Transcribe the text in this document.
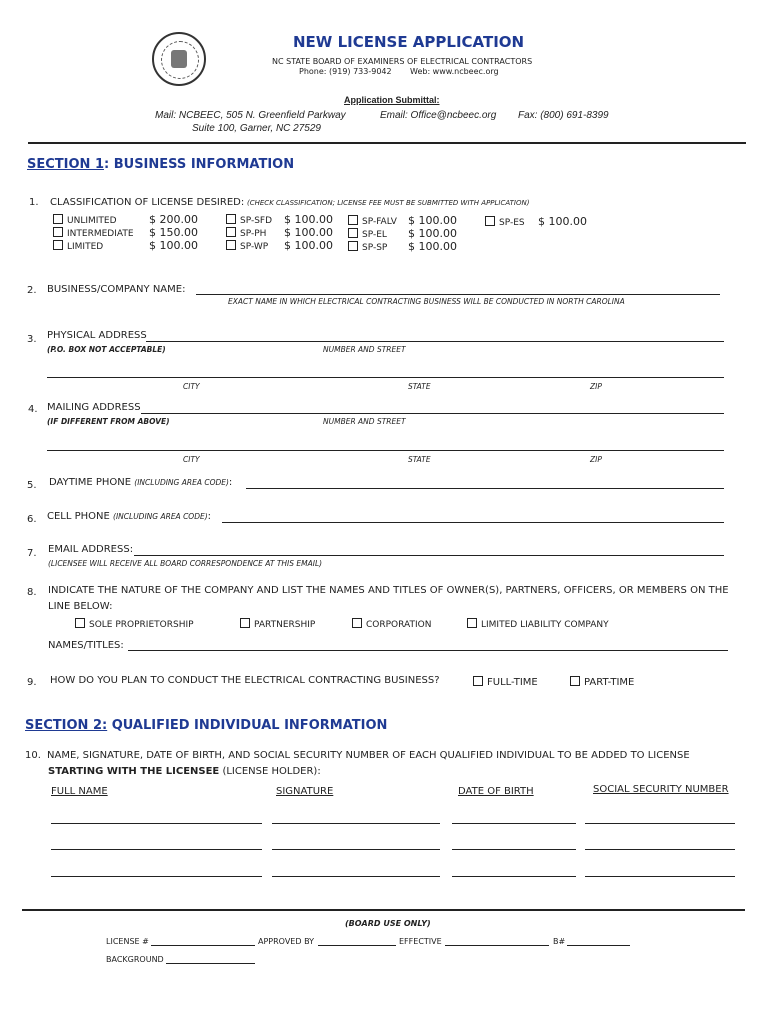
NEW LICENSE APPLICATION
NC STATE BOARD OF EXAMINERS OF ELECTRICAL CONTRACTORS
Phone: (919) 733-9042 Web: www.ncbeec.org
Application Submittal:
Mail: NCBEEC, 505 N. Greenfield Parkway
Suite 100, Garner, NC 27529
Email: Office@ncbeec.org Fax: (800) 691-8399
SECTION 1: BUSINESS INFORMATION
1. CLASSIFICATION OF LICENSE DESIRED: (CHECK CLASSIFICATION; LICENSE FEE MUST BE SUBMITTED WITH APPLICATION)
UNLIMITED	$ 200.00
INTERMEDIATE $ 150.00
LIMITED	$ 100.00
SP-SFD $ 100.00
SP-PH $ 100.00
SP-WP $ 100.00
SP-FALV $ 100.00
SP-EL $ 100.00
SP-SP $ 100.00
SP-ES $ 100.00
2. BUSINESS/COMPANY NAME:
EXACT NAME IN WHICH ELECTRICAL CONTRACTING BUSINESS WILL BE CONDUCTED IN NORTH CAROLINA
3. PHYSICAL ADDRESS
(P.O. BOX NOT ACCEPTABLE)	NUMBER AND STREET
CITY	STATE	ZIP
4. MAILING ADDRESS
(IF DIFFERENT FROM ABOVE)	NUMBER AND STREET
CITY	STATE	ZIP
5. DAYTIME PHONE (INCLUDING AREA CODE):
6. CELL PHONE (INCLUDING AREA CODE):
7. EMAIL ADDRESS:
(LICENSEE WILL RECEIVE ALL BOARD CORRESPONDENCE AT THIS EMAIL)
8. INDICATE THE NATURE OF THE COMPANY AND LIST THE NAMES AND TITLES OF OWNER(S), PARTNERS, OFFICERS, OR MEMBERS ON THE
LINE BELOW:
SOLE PROPRIETORSHIP	PARTNERSHIP	CORPORATION	LIMITED LIABILITY COMPANY
NAMES/TITLES:
9. HOW DO YOU PLAN TO CONDUCT THE ELECTRICAL CONTRACTING BUSINESS?	FULL-TIME	PART-TIME
SECTION 2: QUALIFIED INDIVIDUAL INFORMATION
10. NAME, SIGNATURE, DATE OF BIRTH, AND SOCIAL SECURITY NUMBER OF EACH QUALIFIED INDIVIDUAL TO BE ADDED TO LICENSE
STARTING WITH THE LICENSEE (LICENSE HOLDER):
FULL NAME	SIGNATURE	DATE OF BIRTH	SOCIAL SECURITY NUMBER
(BOARD USE ONLY)
LICENSE #	APPROVED BY	EFFECTIVE	B#
BACKGROUND
